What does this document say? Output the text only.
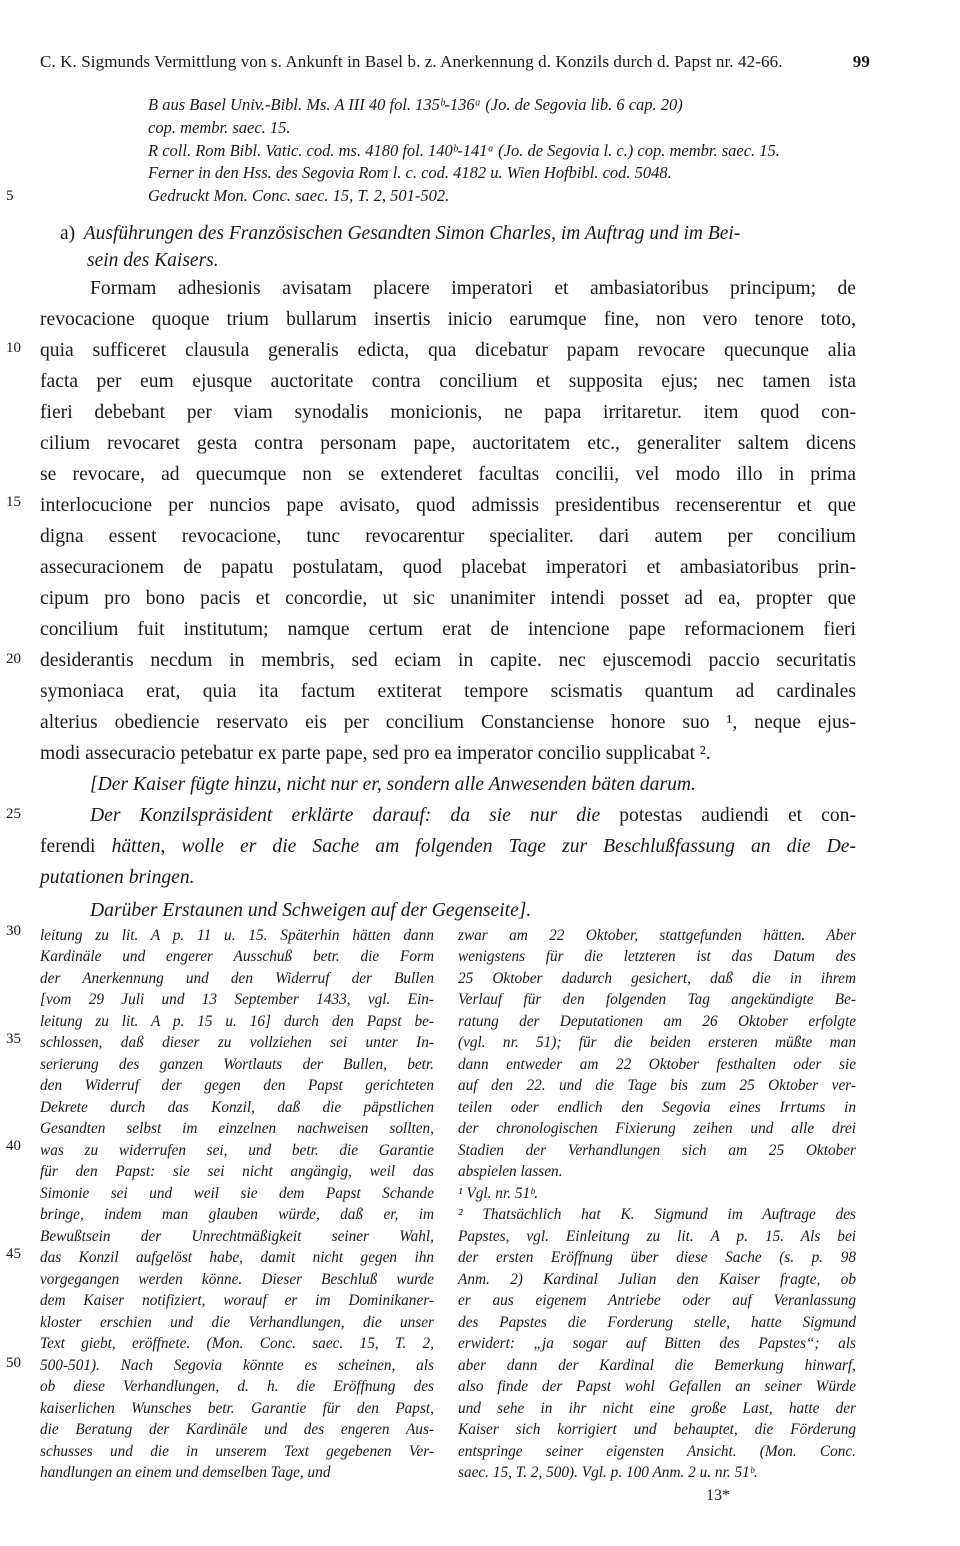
C. K. Sigmunds Vermittlung von s. Ankunft in Basel b. z. Anerkennung d. Konzils durch d. Papst nr. 42-66.	99
B aus Basel Univ.-Bibl. Ms. A III 40 fol. 135ᵇ-136ᵃ (Jo. de Segovia lib. 6 cap. 20)
cop. membr. saec. 15.
R coll. Rom Bibl. Vatic. cod. ms. 4180 fol. 140ᵇ-141ᵃ (Jo. de Segovia l. c.) cop. membr. saec. 15.
Ferner in den Hss. des Segovia Rom l. c. cod. 4182 u. Wien Hofbibl. cod. 5048.
Gedruckt Mon. Conc. saec. 15, T. 2, 501-502.
5
10
15
20
25
30
35
40
45
50
a) Ausführungen des Französischen Gesandten Simon Charles, im Auftrag und im Bei-
sein des Kaisers.
Formam adhesionis avisatam placere imperatori et ambasiatoribus principum; de
revocacione quoque trium bullarum insertis inicio earumque fine, non vero tenore toto,
quia sufficeret clausula generalis edicta, qua dicebatur papam revocare quecunque alia
facta per eum ejusque auctoritate contra concilium et supposita ejus; nec tamen ista
fieri debebant per viam synodalis monicionis, ne papa irritaretur. item quod con-
cilium revocaret gesta contra personam pape, auctoritatem etc., generaliter saltem dicens
se revocare, ad quecumque non se extenderet facultas concilii, vel modo illo in prima
interlocucione per nuncios pape avisato, quod admissis presidentibus recenserentur et que
digna essent revocacione, tunc revocarentur specialiter. dari autem per concilium
assecuracionem de papatu postulatam, quod placebat imperatori et ambasiatoribus prin-
cipum pro bono pacis et concordie, ut sic unanimiter intendi posset ad ea, propter que
concilium fuit institutum; namque certum erat de intencione pape reformacionem fieri
desiderantis necdum in membris, sed eciam in capite. nec ejuscemodi paccio securitatis
symoniaca erat, quia ita factum extiterat tempore scismatis quantum ad cardinales
alterius obediencie reservato eis per concilium Constanciense honore suo ¹, neque ejus-
modi assecuracio petebatur ex parte pape, sed pro ea imperator concilio supplicabat ².
[Der Kaiser fügte hinzu, nicht nur er, sondern alle Anwesenden bäten darum.
Der Konzilspräsident erklärte darauf: da sie nur die potestas audiendi et con-
ferendi hätten, wolle er die Sache am folgenden Tage zur Beschlußfassung an die De-
putationen bringen.
Darüber Erstaunen und Schweigen auf der Gegenseite].
leitung zu lit. A p. 11 u. 15. Späterhin hätten dann
Kardinäle und engerer Ausschuß betr. die Form
der Anerkennung und den Widerruf der Bullen
[vom 29 Juli und 13 September 1433, vgl. Ein-
leitung zu lit. A p. 15 u. 16] durch den Papst be-
schlossen, daß dieser zu vollziehen sei unter In-
serierung des ganzen Wortlauts der Bullen, betr.
den Widerruf der gegen den Papst gerichteten
Dekrete durch das Konzil, daß die päpstlichen
Gesandten selbst im einzelnen nachweisen sollten,
was zu widerrufen sei, und betr. die Garantie
für den Papst: sie sei nicht angängig, weil das
Simonie sei und weil sie dem Papst Schande
bringe, indem man glauben würde, daß er, im
Bewußtsein der Unrechtmäßigkeit seiner Wahl,
das Konzil aufgelöst habe, damit nicht gegen ihn
vorgegangen werden könne. Dieser Beschluß wurde
dem Kaiser notifiziert, worauf er im Dominikaner-
kloster erschien und die Verhandlungen, die unser
Text giebt, eröffnete. (Mon. Conc. saec. 15, T. 2,
500-501). Nach Segovia könnte es scheinen, als
ob diese Verhandlungen, d. h. die Eröffnung des
kaiserlichen Wunsches betr. Garantie für den Papst,
die Beratung der Kardinäle und des engeren Aus-
schusses und die in unserem Text gegebenen Ver-
handlungen an einem und demselben Tage, und
zwar am 22 Oktober, stattgefunden hätten. Aber
wenigstens für die letzteren ist das Datum des
25 Oktober dadurch gesichert, daß die in ihrem
Verlauf für den folgenden Tag angekündigte Be-
ratung der Deputationen am 26 Oktober erfolgte
(vgl. nr. 51); für die beiden ersteren müßte man
dann entweder am 22 Oktober festhalten oder sie
auf den 22. und die Tage bis zum 25 Oktober ver-
teilen oder endlich den Segovia eines Irrtums in
der chronologischen Fixierung zeihen und alle drei
Stadien der Verhandlungen sich am 25 Oktober
abspielen lassen.
¹ Vgl. nr. 51ᵇ.
² Thatsächlich hat K. Sigmund im Auftrage des
Papstes, vgl. Einleitung zu lit. A p. 15. Als bei
der ersten Eröffnung über diese Sache (s. p. 98
Anm. 2) Kardinal Julian den Kaiser fragte, ob
er aus eigenem Antriebe oder auf Veranlassung
des Papstes die Forderung stelle, hatte Sigmund
erwidert: „ja sogar auf Bitten des Papstes“; als
aber dann der Kardinal die Bemerkung hinwarf,
also finde der Papst wohl Gefallen an seiner Würde
und sehe in ihr nicht eine große Last, hatte der
Kaiser sich korrigiert und behauptet, die Förderung
entspringe seiner eigensten Ansicht. (Mon. Conc.
saec. 15, T. 2, 500). Vgl. p. 100 Anm. 2 u. nr. 51ᵇ.
13*
